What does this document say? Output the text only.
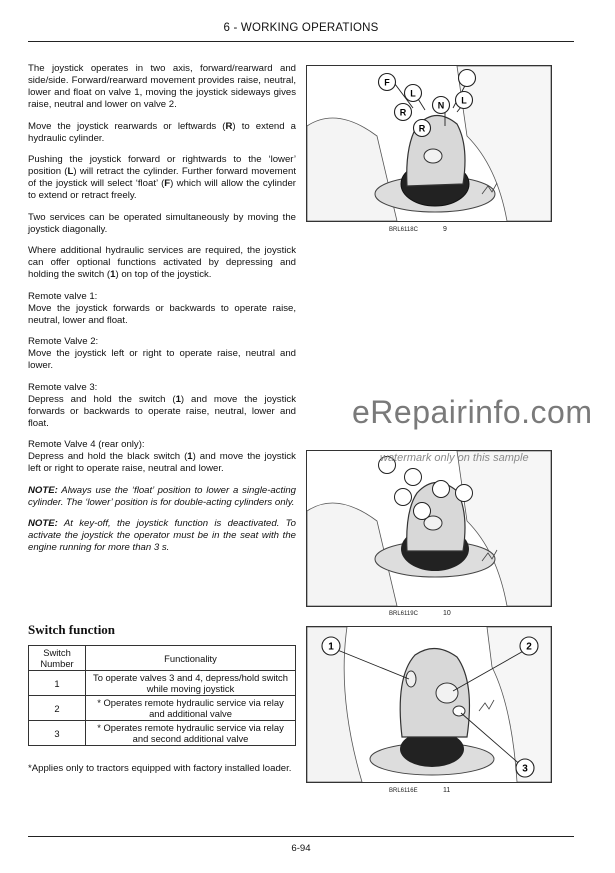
6 - WORKING OPERATIONS

The joystick operates in two axis, forward/rearward and side/side. Forward/rearward movement provides raise, neutral, lower and float on valve 1, moving the joystick sideways gives raise, neutral and lower on valve 2.

Move the joystick rearwards or leftwards (R) to extend a hydraulic cylinder.

Pushing the joystick forward or rightwards to the ‘lower’ position (L) will retract the cylinder. Further forward movement of the joystick will select ‘float’ (F) which will allow the cylinder to extend or retract freely.

Two services can be operated simultaneously by moving the joystick diagonally.

Where additional hydraulic services are required, the joystick can offer optional functions activated by depressing and holding the switch (1) on top of the joystick.

Remote valve 1:
Move the joystick forwards or backwards to operate raise, neutral, lower and float.

Remote Valve 2:
Move the joystick left or right to operate raise, neutral and lower.

Remote valve 3:
Depress and hold the switch (1) and move the joystick forwards or backwards to operate raise, neutral, lower and float.

Remote Valve 4 (rear only):
Depress and hold the black switch (1) and move the joystick left or right to operate raise, neutral and lower.

NOTE: Always use the ‘float’ position to lower a single-acting cylinder. The ‘lower’ position is for double-acting cylinders only.

NOTE: At key-off, the joystick function is deactivated. To activate the joystick the operator must be in the seat with the engine running for more than 3 s.

F
L
N
R
R
L
BRL6118C	9
BRL6119C	10
eRepairinfo.com
watermark only on this sample
Switch function
Switch Number	Functionality
1	To operate valves 3 and 4, depress/hold switch while moving joystick
2	* Operates remote hydraulic service via relay and additional valve
3	* Operates remote hydraulic service via relay and second additional valve
*Applies only to tractors equipped with factory installed loader.
1	2
3
BRL6116E	11
6-94
